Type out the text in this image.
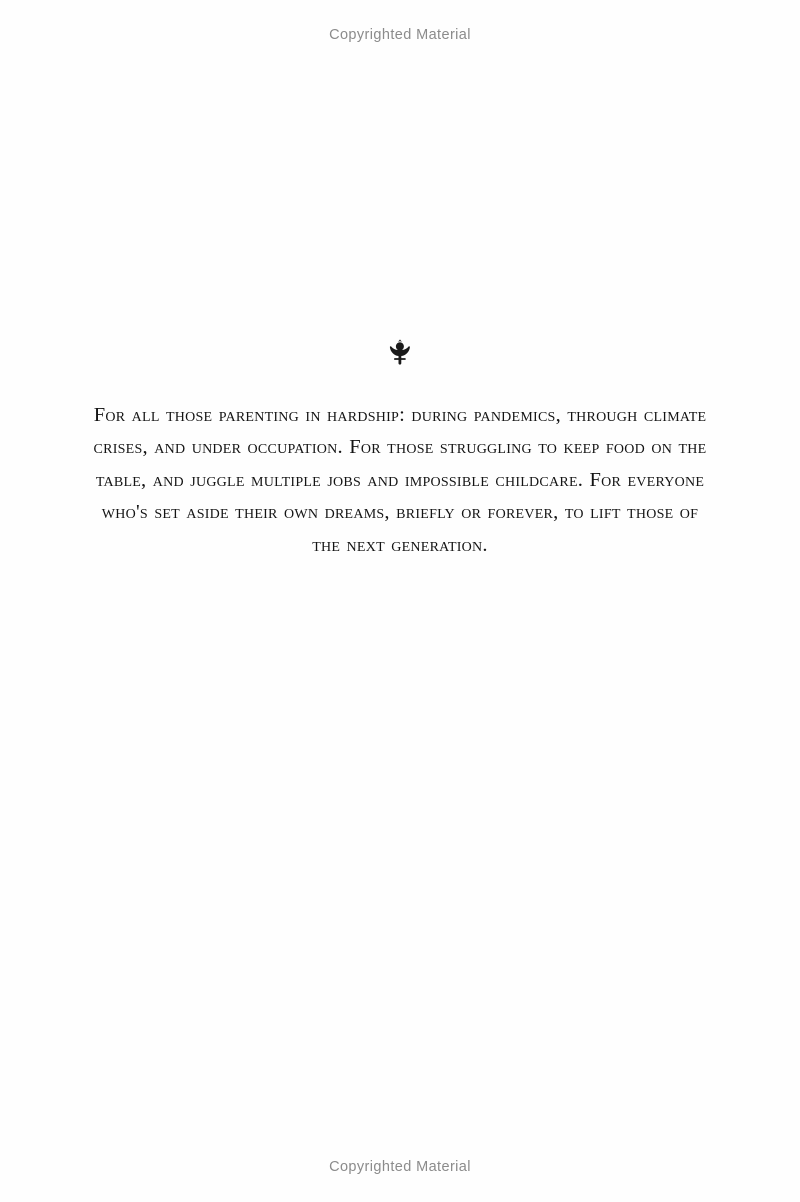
Copyrighted Material
For all those parenting in hardship: during pandemics, through climate crises, and under occupation. For those struggling to keep food on the table, and juggle multiple jobs and impossible childcare. For everyone who's set aside their own dreams, briefly or forever, to lift those of the next generation.
Copyrighted Material
